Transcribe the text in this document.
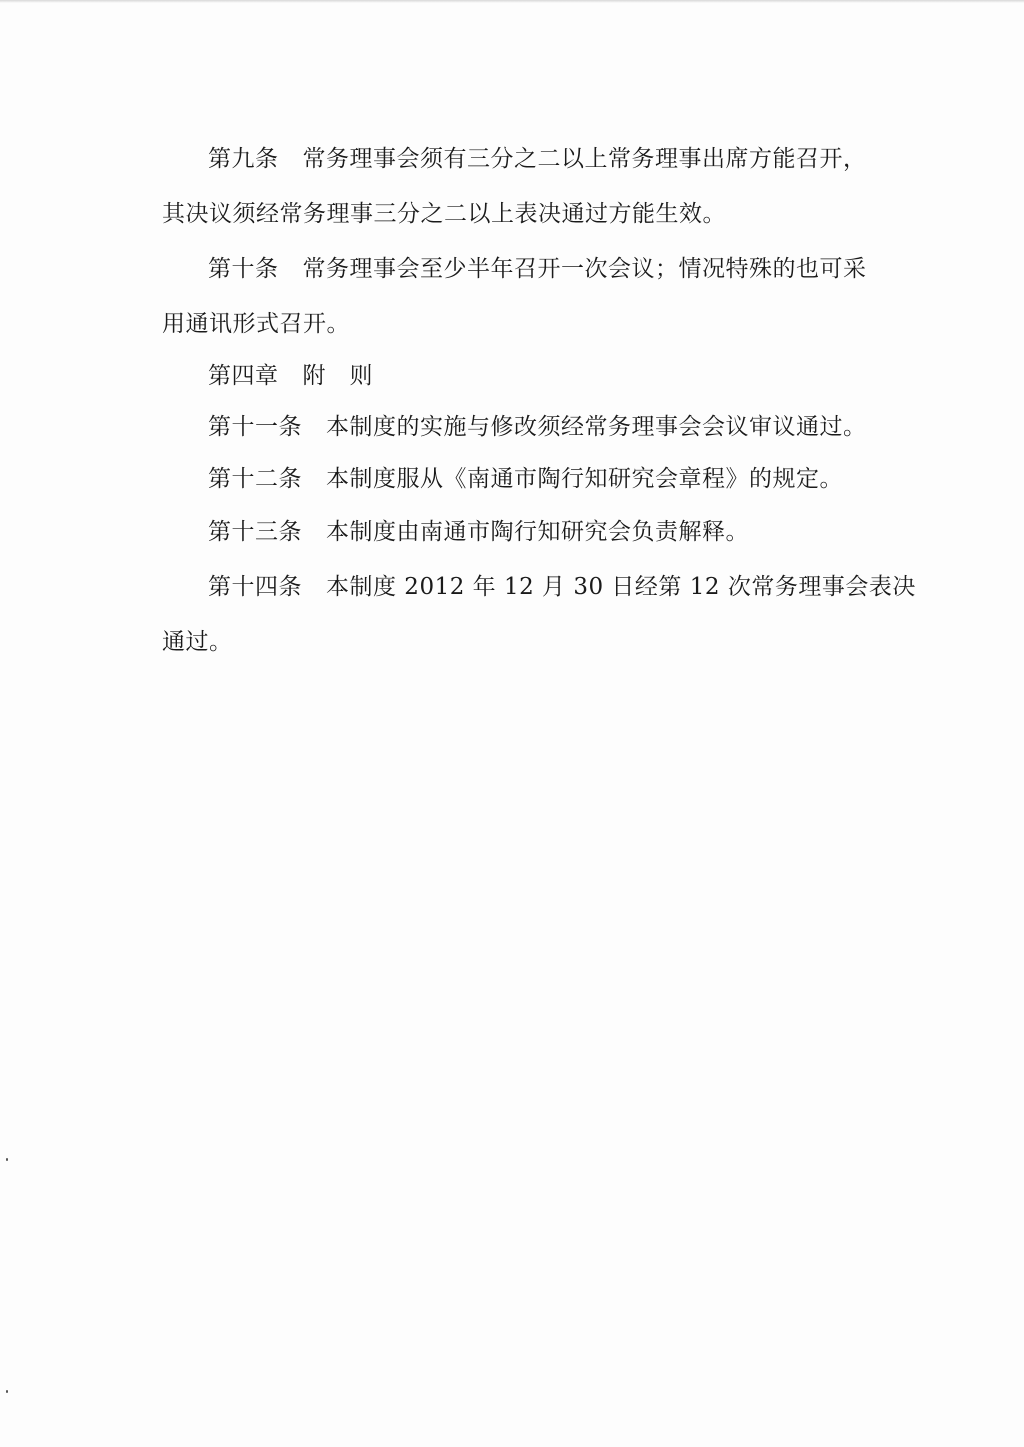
第九条 常务理事会须有三分之二以上常务理事出席方能召开，
其决议须经常务理事三分之二以上表决通过方能生效。
第十条 常务理事会至少半年召开一次会议；情况特殊的也可采
用通讯形式召开。
第四章 附则
第十一条 本制度的实施与修改须经常务理事会会议审议通过。
第十二条 本制度服从《南通市陶行知研究会章程》的规定。
第十三条 本制度由南通市陶行知研究会负责解释。
第十四条 本制度 2012 年 12 月 30 日经第 12 次常务理事会表决
通过。
